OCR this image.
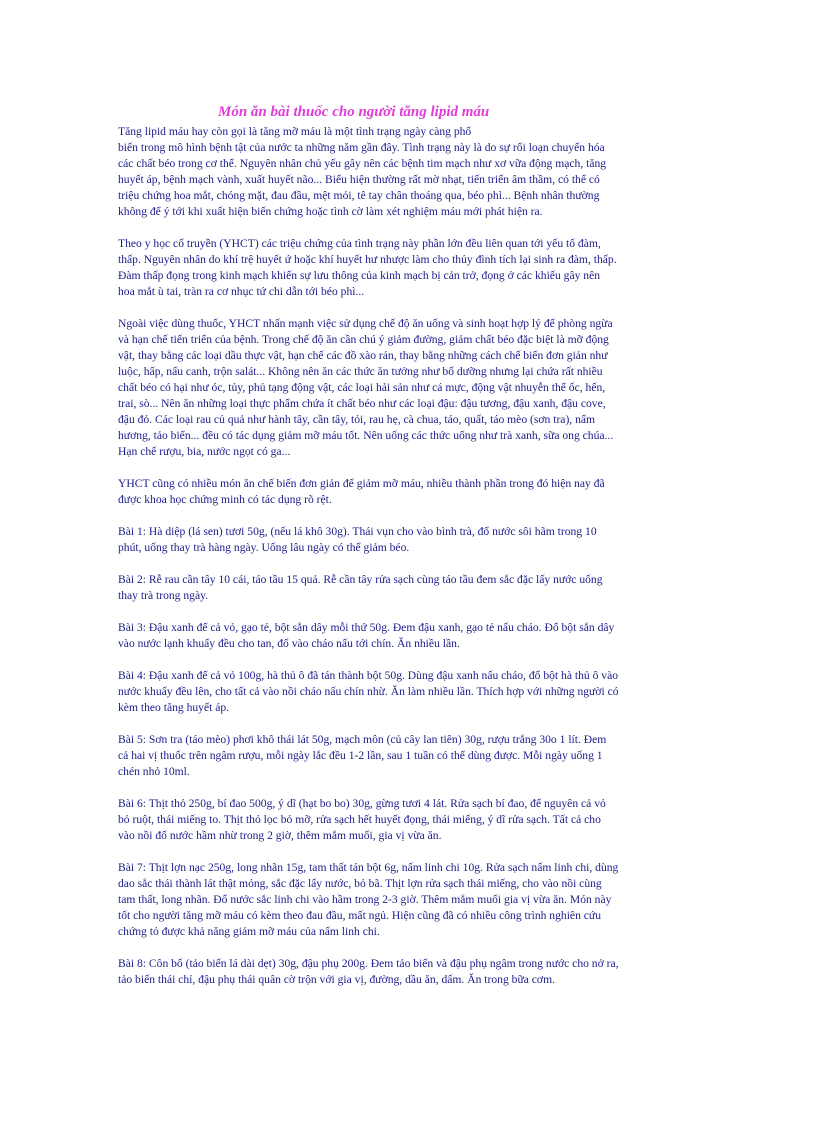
Món ăn bài thuốc cho người tăng lipid máu

Tăng lipid máu hay còn gọi là tăng mỡ máu là một tình trạng ngày càng phổ
biến trong mô hình bệnh tật của nước ta những năm gần đây. Tình trạng này là do sự rối loạn chuyển hóa
các chất béo trong cơ thể. Nguyên nhân chủ yếu gây nên các bệnh tim mạch như xơ vữa động mạch, tăng
huyết áp, bệnh mạch vành, xuất huyết não... Biểu hiện thường rất mờ nhạt, tiến triển âm thầm, có thể có
triệu chứng hoa mắt, chóng mặt, đau đầu, mệt mỏi, tê tay chân thoáng qua, béo phì... Bệnh nhân thường
không để ý tới khi xuất hiện biến chứng hoặc tình cờ làm xét nghiệm máu mới phát hiện ra.

Theo y học cổ truyền (YHCT) các triệu chứng của tình trạng này phần lớn đều liên quan tới yếu tố đàm,
thấp. Nguyên nhân do khí trệ huyết ứ hoặc khí huyết hư nhược làm cho thủy đình tích lại sinh ra đàm, thấp.
Đàm thấp đọng trong kinh mạch khiến sự lưu thông của kinh mạch bị cản trở, đọng ở các khiếu gây nên
hoa mắt ù tai, tràn ra cơ nhục tứ chi dẫn tới béo phì...

Ngoài việc dùng thuốc, YHCT nhấn mạnh việc sử dụng chế độ ăn uống và sinh hoạt hợp lý để phòng ngừa
và hạn chế tiến triển của bệnh. Trong chế độ ăn cần chú ý giảm đường, giảm chất béo đặc biệt là mỡ động
vật, thay bằng các loại dầu thực vật, hạn chế các đồ xào rán, thay bằng những cách chế biến đơn giản như
luộc, hấp, nấu canh, trộn salát... Không nên ăn các thức ăn tưởng như bổ dưỡng nhưng lại chứa rất nhiều
chất béo có hại như óc, tủy, phủ tạng động vật, các loại hải sản như cá mực, động vật nhuyễn thể ốc, hến,
trai, sò... Nên ăn những loại thực phẩm chứa ít chất béo như các loại đậu: đậu tương, đậu xanh, đậu cove,
đậu đỏ. Các loại rau củ quả như hành tây, cần tây, tỏi, rau hẹ, cà chua, táo, quất, táo mèo (sơn tra), nấm
hương, tảo biển... đều có tác dụng giảm mỡ máu tốt. Nên uống các thức uống như trà xanh, sữa ong chúa...
Hạn chế rượu, bia, nước ngọt có ga...

YHCT cũng có nhiều món ăn chế biến đơn giản để giảm mỡ máu, nhiều thành phần trong đó hiện nay đã
được khoa học chứng minh có tác dụng rõ rệt.

Bài 1: Hà diệp (lá sen) tươi 50g, (nếu lá khô 30g). Thái vụn cho vào bình trà, đổ nước sôi hãm trong 10
phút, uống thay trà hàng ngày. Uống lâu ngày có thể giảm béo.

Bài 2: Rễ rau cần tây 10 cái, táo tầu 15 quả. Rễ cần tây rửa sạch cùng táo tầu đem sắc đặc lấy nước uống
thay trà trong ngày.

Bài 3: Đậu xanh để cả vỏ, gạo tẻ, bột sắn dây mỗi thứ 50g. Đem đậu xanh, gạo tẻ nấu cháo. Đổ bột sắn dây
vào nước lạnh khuấy đều cho tan, đổ vào cháo nấu tới chín. Ăn nhiều lần.

Bài 4: Đậu xanh để cả vỏ 100g, hà thủ ô đã tán thành bột 50g. Dùng đậu xanh nấu cháo, đổ bột hà thủ ô vào
nước khuấy đều lên, cho tất cả vào nồi cháo nấu chín nhừ. Ăn làm nhiều lần. Thích hợp với những người có
kèm theo tăng huyết áp.

Bài 5: Sơn tra (táo mèo) phơi khô thái lát 50g, mạch môn (củ cây lan tiên) 30g, rượu trắng 30o 1 lít. Đem
cả hai vị thuốc trên ngâm rượu, mỗi ngày lắc đều 1-2 lần, sau 1 tuần có thể dùng được. Mỗi ngày uống 1
chén nhỏ 10ml.

Bài 6: Thịt thỏ 250g, bí đao 500g, ý dĩ (hạt bo bo) 30g, gừng tươi 4 lát. Rửa sạch bí đao, để nguyên cả vỏ
bỏ ruột, thái miếng to. Thịt thỏ lọc bỏ mỡ, rửa sạch hết huyết đọng, thái miếng, ý dĩ rửa sạch. Tất cả cho
vào nồi đổ nước hầm nhừ trong 2 giờ, thêm mắm muối, gia vị vừa ăn.

Bài 7: Thịt lợn nạc 250g, long nhãn 15g, tam thất tán bột 6g, nấm linh chi 10g. Rửa sạch nấm linh chi, dùng
dao sắc thái thành lát thật mỏng, sắc đặc lấy nước, bỏ bã. Thịt lợn rửa sạch thái miếng, cho vào nồi cùng
tam thất, long nhãn. Đổ nước sắc linh chi vào hầm trong 2-3 giờ. Thêm mắm muối gia vị vừa ăn. Món này
tốt cho người tăng mỡ máu có kèm theo đau đầu, mất ngủ. Hiện cũng đã có nhiều công trình nghiên cứu
chứng tỏ được khả năng giảm mỡ máu của nấm linh chi.

Bài 8: Côn bố (tảo biển lá dài dẹt) 30g, đậu phụ 200g. Đem tảo biển và đậu phụ ngâm trong nước cho nở ra,
tảo biển thái chỉ, đậu phụ thái quân cờ trộn với gia vị, đường, dầu ăn, dấm. Ăn trong bữa cơm.
